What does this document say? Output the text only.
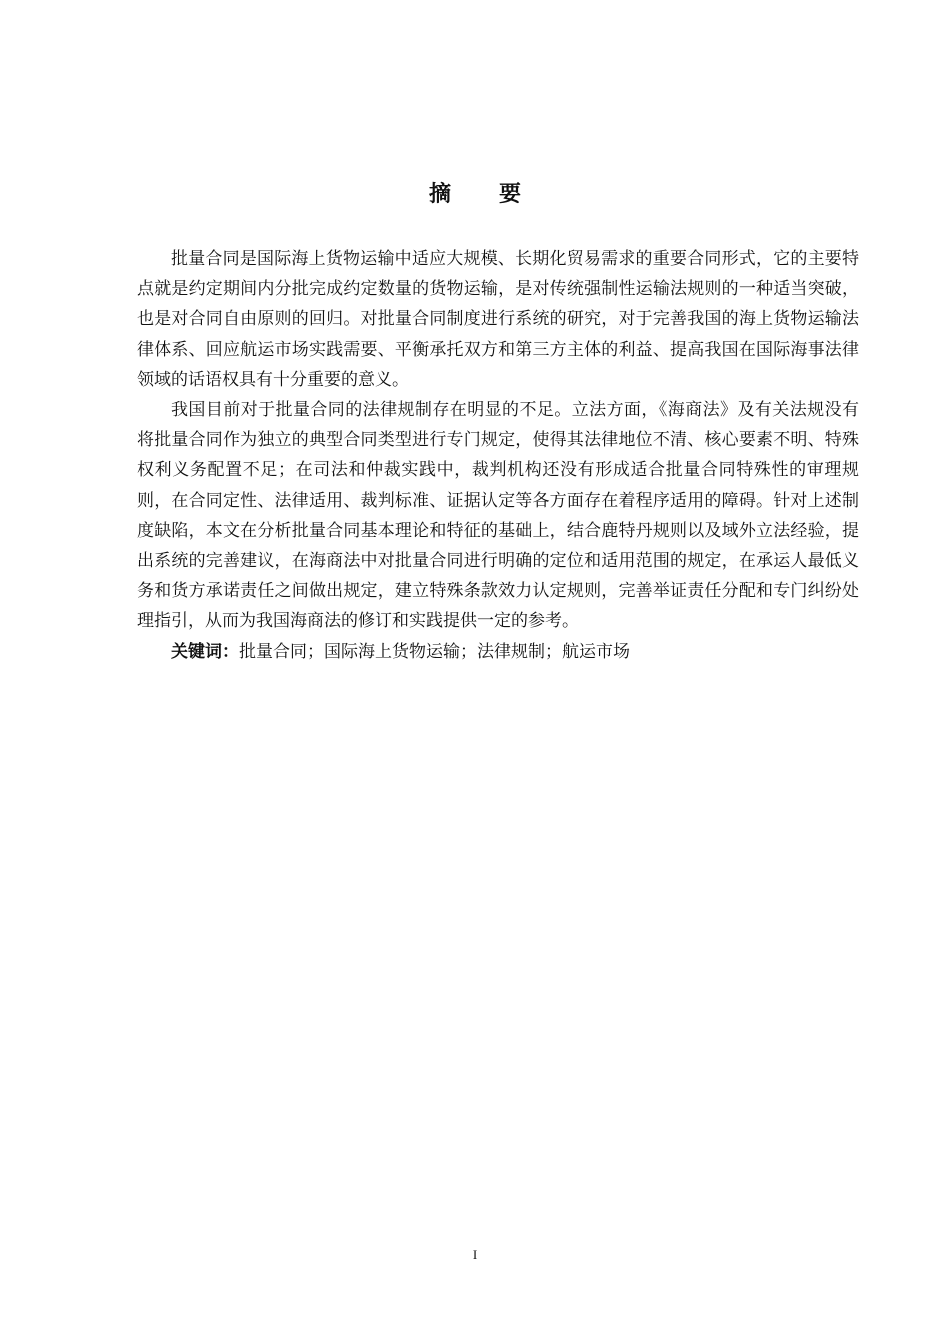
摘要

批量合同是国际海上货物运输中适应大规模、长期化贸易需求的重要合同形式，它的主要特点就是约定期间内分批完成约定数量的货物运输，是对传统强制性运输法规则的一种适当突破，也是对合同自由原则的回归。对批量合同制度进行系统的研究，对于完善我国的海上货物运输法律体系、回应航运市场实践需要、平衡承托双方和第三方主体的利益、提高我国在国际海事法律领域的话语权具有十分重要的意义。

我国目前对于批量合同的法律规制存在明显的不足。立法方面，《海商法》及有关法规没有将批量合同作为独立的典型合同类型进行专门规定，使得其法律地位不清、核心要素不明、特殊权利义务配置不足；在司法和仲裁实践中，裁判机构还没有形成适合批量合同特殊性的审理规则，在合同定性、法律适用、裁判标准、证据认定等各方面存在着程序适用的障碍。针对上述制度缺陷，本文在分析批量合同基本理论和特征的基础上，结合鹿特丹规则以及域外立法经验，提出系统的完善建议，在海商法中对批量合同进行明确的定位和适用范围的规定，在承运人最低义务和货方承诺责任之间做出规定，建立特殊条款效力认定规则，完善举证责任分配和专门纠纷处理指引，从而为我国海商法的修订和实践提供一定的参考。

关键词：批量合同；国际海上货物运输；法律规制；航运市场

I
